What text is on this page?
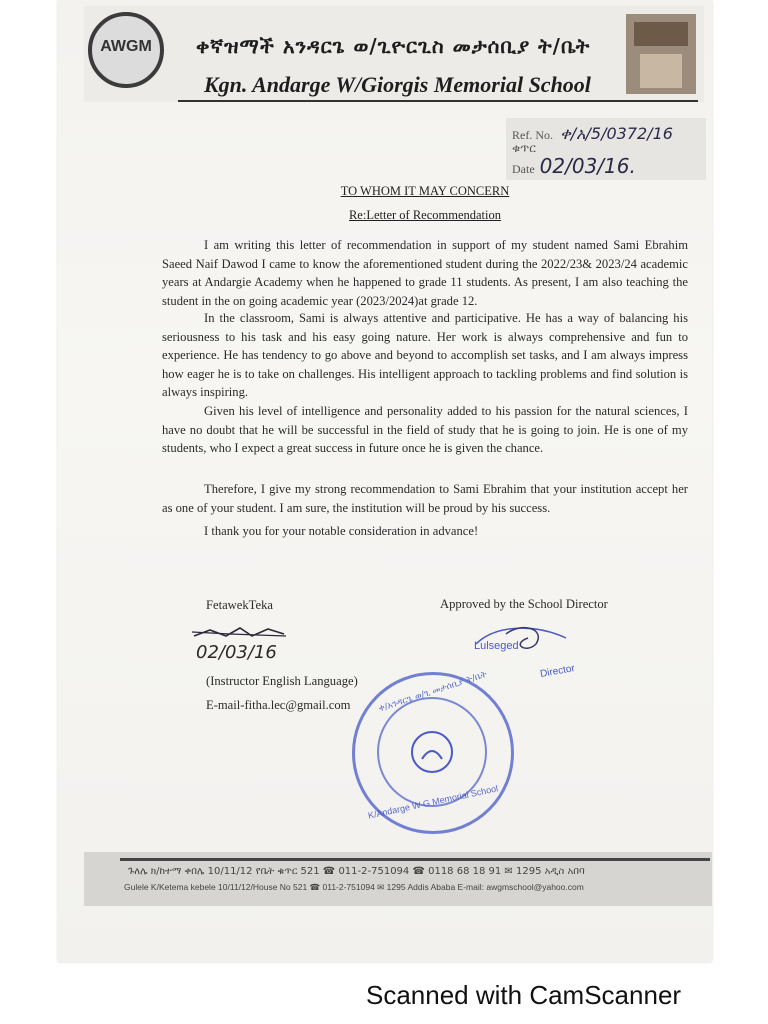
AWGM	ቀኛዝማች አንዳርጌ ወ/ጊዮርጊስ መታሰቢያ ት/ቤት
Kgn. Andarge W/Giorgis Memorial School
Ref. No. ቀ/አ/5/0372/16
ቁጥር
Date 02/03/16.
TO WHOM IT MAY CONCERN
Re:Letter of Recommendation

I am writing this letter of recommendation in support of my student named Sami Ebrahim Saeed Naif Dawod I came to know the aforementioned student during the 2022/23& 2023/24 academic years at Andargie Academy when he happened to grade 11 students. As present, I am also teaching the student in the on going academic year (2023/2024)at grade 12.

In the classroom, Sami is always attentive and participative. He has a way of balancing his seriousness to his task and his easy going nature. Her work is always comprehensive and fun to experience. He has tendency to go above and beyond to accomplish set tasks, and I am always impress how eager he is to take on challenges. His intelligent approach to tackling problems and find solution is always inspiring.

Given his level of intelligence and personality added to his passion for the natural sciences, I have no doubt that he will be successful in the field of study that he is going to join. He is one of my students, who I expect a great success in future once he is given the chance.

Therefore, I give my strong recommendation to Sami Ebrahim that your institution accept her as one of your student. I am sure, the institution will be proud by his success.

I thank you for your notable consideration in advance!
FetawekTeka	Approved by the School Director
02/03/16
(Instructor English Language)
E-mail-fitha.lec@gmail.com
Lulseged
Director
ቀ/አንዳርጌ ወ/ጊ መታሰቢያ ት/ቤት
K/Andarge W G Memorial School
ጉለሌ ክ/ከተማ ቀበሌ 10/11/12 የቤት ቁጥር 521 ☎ 011-2-751094 ☎ 0118 68 18 91 ✉ 1295 አዲስ አበባ
Gulele K/Ketema kebele 10/11/12/House No 521 ☎ 011-2-751094 ✉ 1295 Addis Ababa E-mail: awgmschool@yahoo.com
Scanned with CamScanner
